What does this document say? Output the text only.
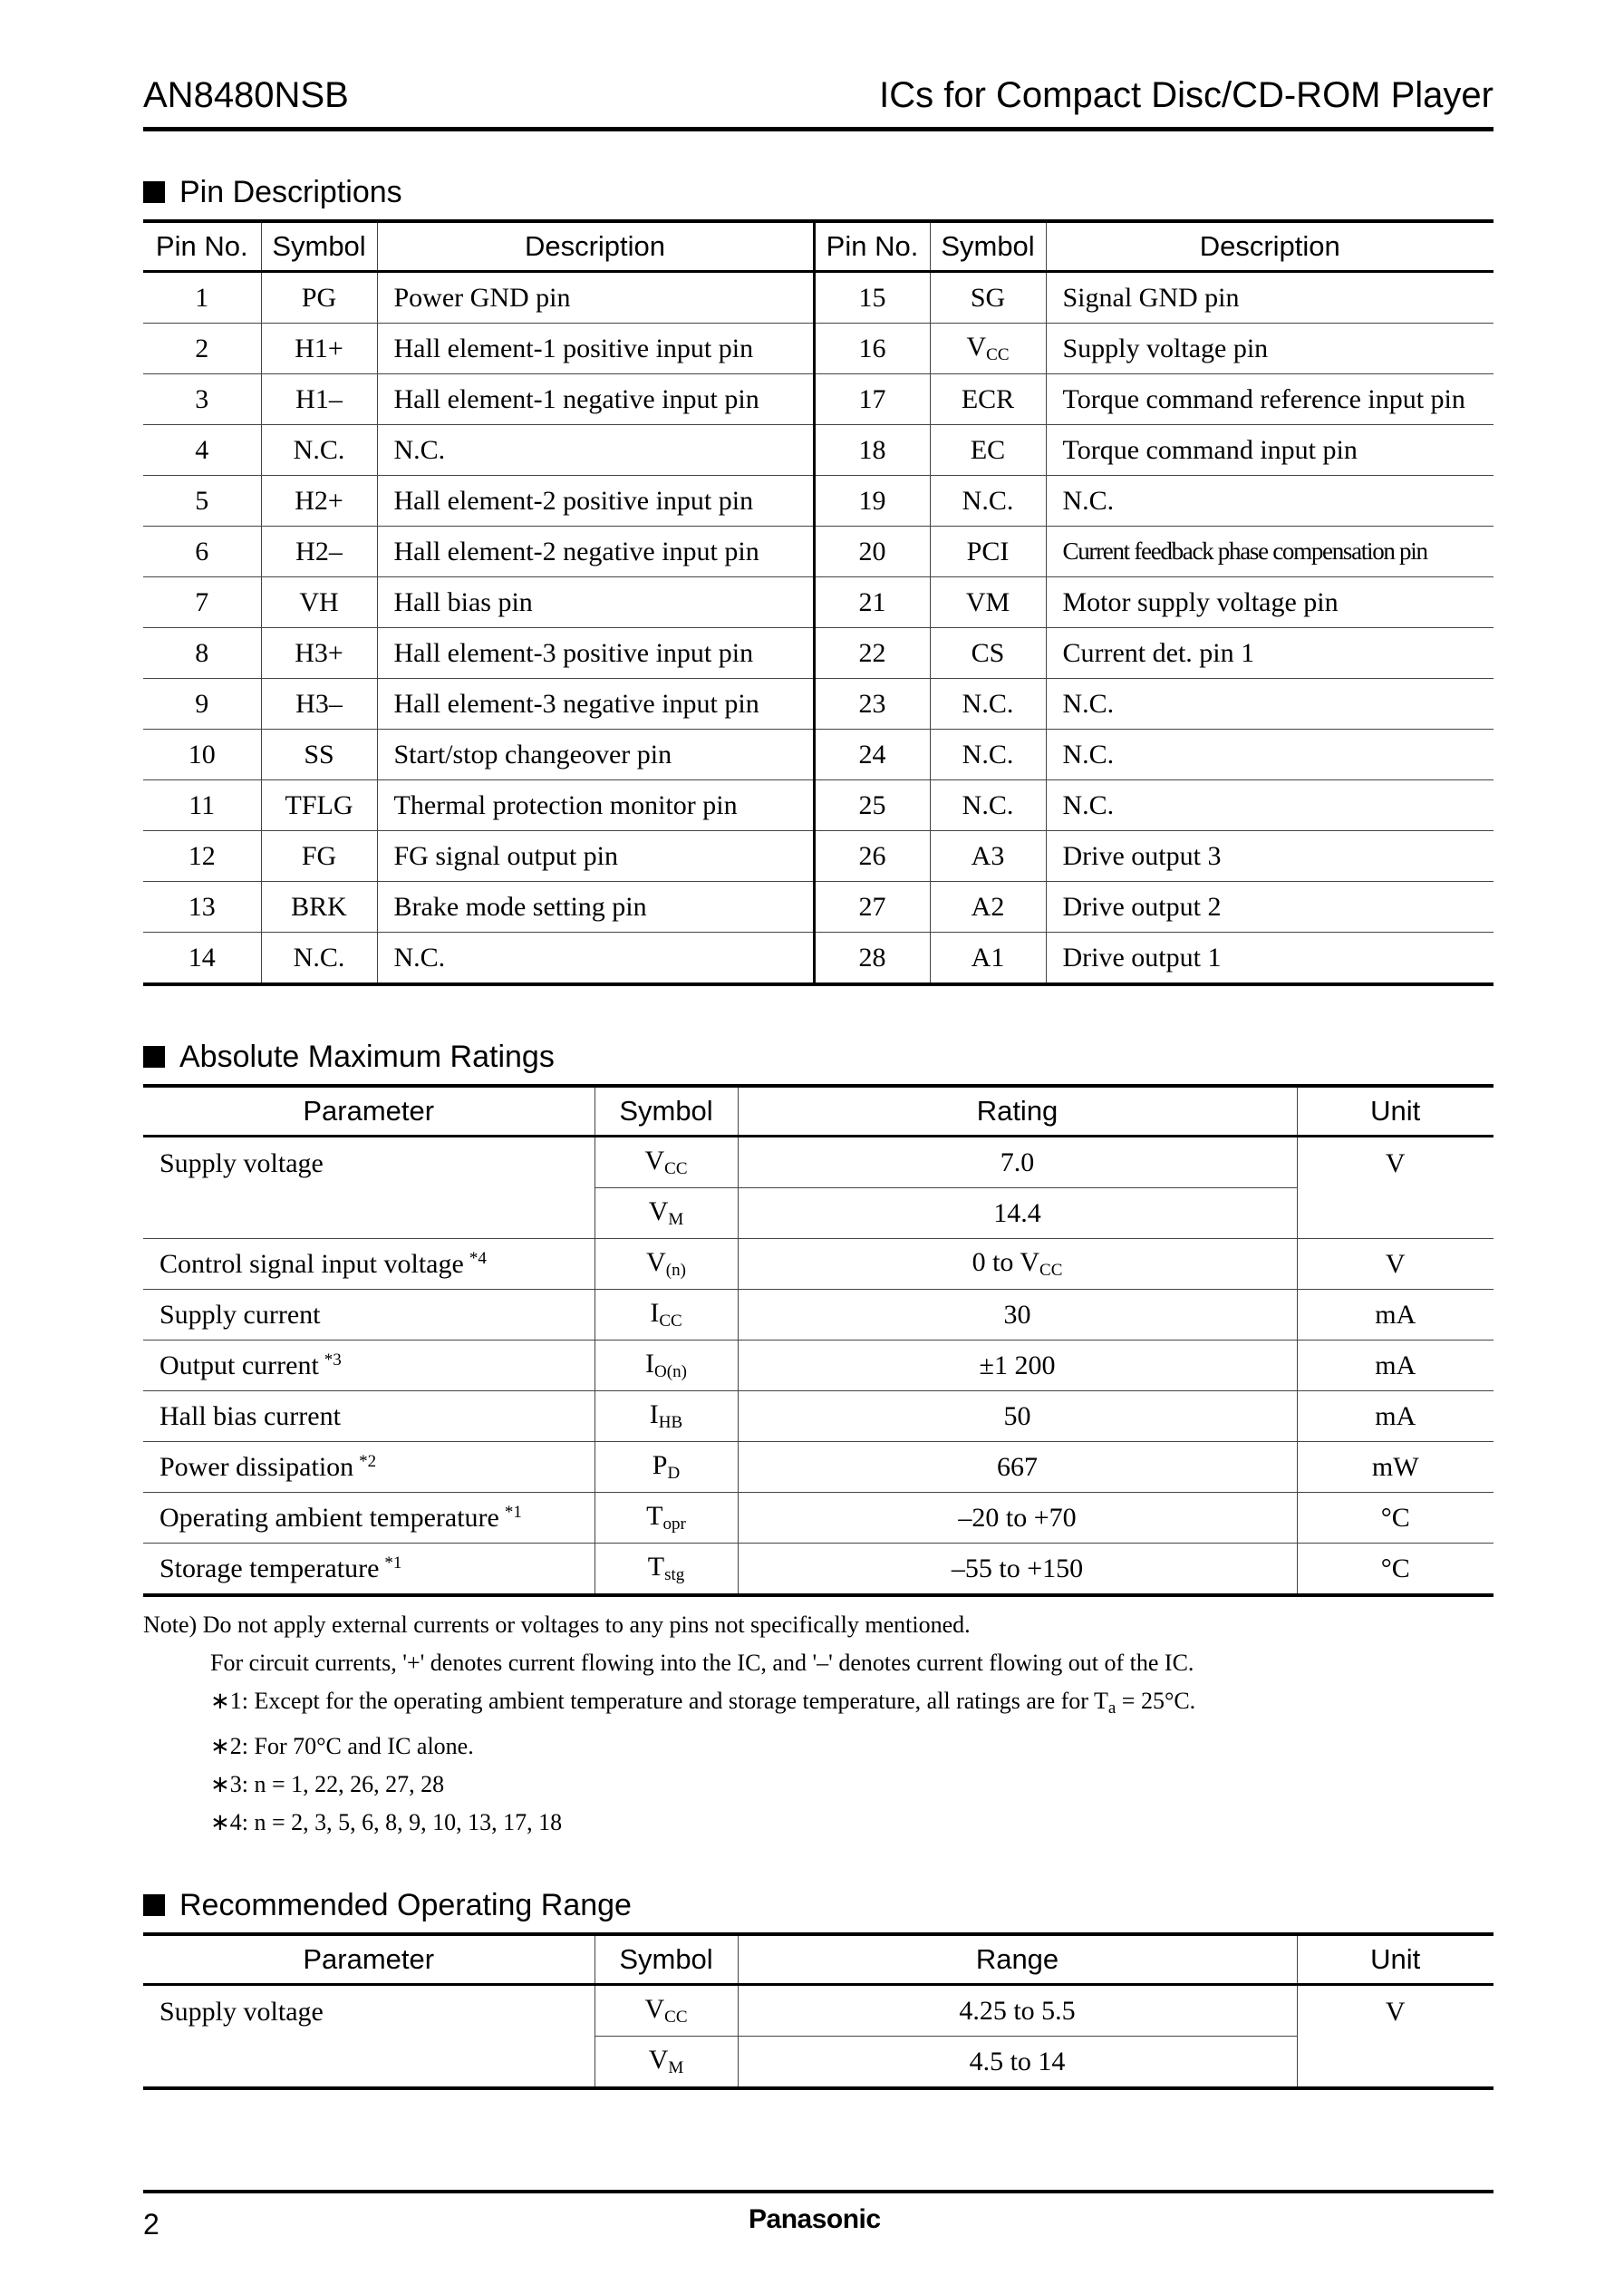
AN8480NSB	ICs for Compact Disc/CD-ROM Player
Pin Descriptions
Pin No.	Symbol	Description	Pin No.	Symbol	Description
1	PG	Power GND pin	15	SG	Signal GND pin
2	H1+	Hall element-1 positive input pin	16	$V_{CC}$	Supply voltage pin
3	H1–	Hall element-1 negative input pin	17	ECR	Torque command reference input pin
4	N.C.	N.C.	18	EC	Torque command input pin
5	H2+	Hall element-2 positive input pin	19	N.C.	N.C.
6	H2–	Hall element-2 negative input pin	20	PCI	Current feedback phase compensation pin
7	VH	Hall bias pin	21	VM	Motor supply voltage pin
8	H3+	Hall element-3 positive input pin	22	CS	Current det. pin 1
9	H3–	Hall element-3 negative input pin	23	N.C.	N.C.
10	SS	Start/stop changeover pin	24	N.C.	N.C.
11	TFLG	Thermal protection monitor pin	25	N.C.	N.C.
12	FG	FG signal output pin	26	A3	Drive output 3
13	BRK	Brake mode setting pin	27	A2	Drive output 2
14	N.C.	N.C.	28	A1	Drive output 1
Absolute Maximum Ratings
Parameter	Symbol	Rating	Unit
Supply voltage	$V_{CC}$	7.0	V
	$V_M$	14.4	
Control signal input voltage $^{*4}$	$V_{(n)}$	0 to $V_{CC}$	V
Supply current	$I_{CC}$	30	mA
Output current $^{*3}$	$I_{O(n)}$	±1 200	mA
Hall bias current	$I_{HB}$	50	mA
Power dissipation $^{*2}$	$P_D$	667	mW
Operating ambient temperature $^{*1}$	$T_{opr}$	–20 to +70	°C
Storage temperature $^{*1}$	$T_{stg}$	–55 to +150	°C
Note) Do not apply external currents or voltages to any pins not specifically mentioned.
For circuit currents, '+' denotes current flowing into the IC, and '–' denotes current flowing out of the IC.
∗1: Except for the operating ambient temperature and storage temperature, all ratings are for $T_a = 25^\circ C$.
∗2: For 70°C and IC alone.
∗3: n = 1, 22, 26, 27, 28
∗4: n = 2, 3, 5, 6, 8, 9, 10, 13, 17, 18
Recommended Operating Range
Parameter	Symbol	Range	Unit
Supply voltage	$V_{CC}$	4.25 to 5.5	V
	$V_M$	4.5 to 14	
2	Panasonic
